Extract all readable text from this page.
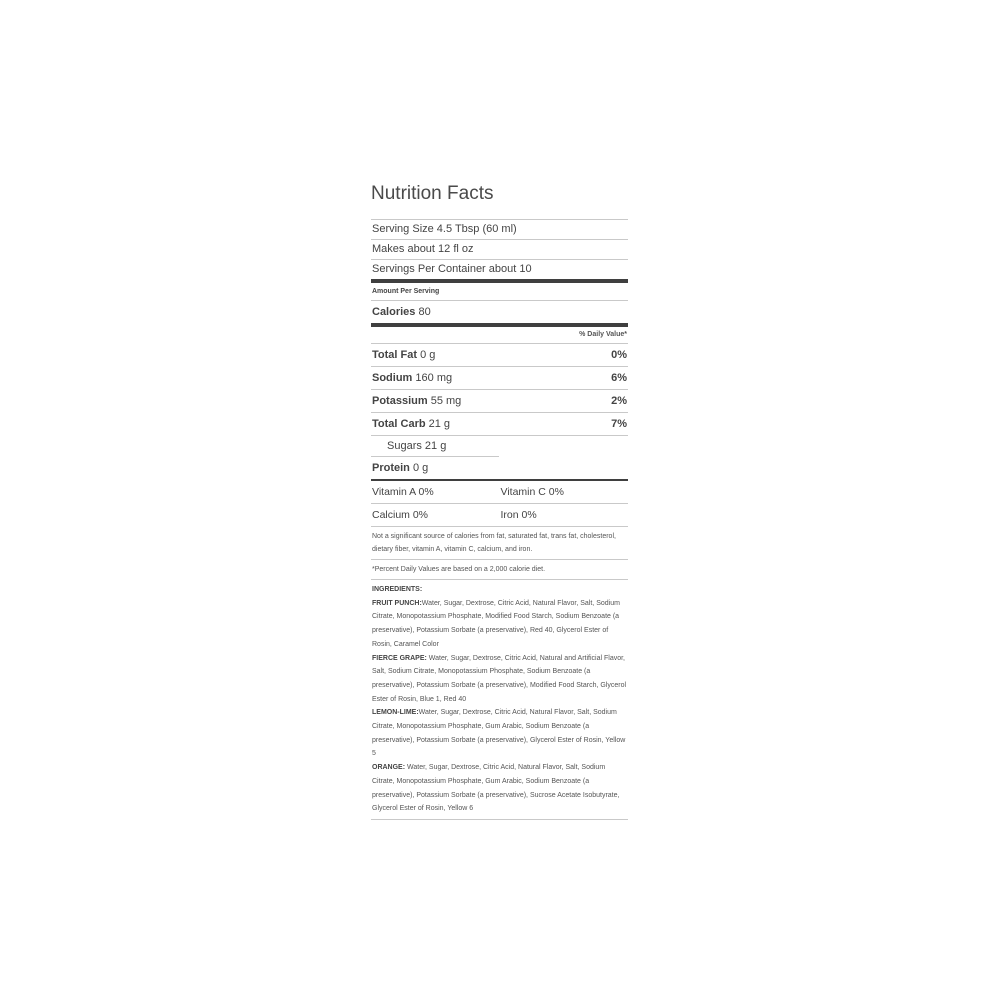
Nutrition Facts
Serving Size 4.5 Tbsp (60 ml)
Makes about 12 fl oz
Servings Per Container about 10
Amount Per Serving
Calories 80
% Daily Value*
Total Fat 0 g	0%
Sodium 160 mg	6%
Potassium 55 mg	2%
Total Carb 21 g	7%
Sugars 21 g
Protein 0 g
Vitamin A 0%	Vitamin C 0%
Calcium 0%	Iron 0%
Not a significant source of calories from fat, saturated fat, trans fat, cholesterol, dietary fiber, vitamin A, vitamin C, calcium, and iron.
*Percent Daily Values are based on a 2,000 calorie diet.
INGREDIENTS:
FRUIT PUNCH:Water, Sugar, Dextrose, Citric Acid, Natural Flavor, Salt, Sodium Citrate, Monopotassium Phosphate, Modified Food Starch, Sodium Benzoate (a preservative), Potassium Sorbate (a preservative), Red 40, Glycerol Ester of Rosin, Caramel Color
FIERCE GRAPE: Water, Sugar, Dextrose, Citric Acid, Natural and Artificial Flavor, Salt, Sodium Citrate, Monopotassium Phosphate, Sodium Benzoate (a preservative), Potassium Sorbate (a preservative), Modified Food Starch, Glycerol Ester of Rosin, Blue 1, Red 40
LEMON-LIME:Water, Sugar, Dextrose, Citric Acid, Natural Flavor, Salt, Sodium Citrate, Monopotassium Phosphate, Gum Arabic, Sodium Benzoate (a preservative), Potassium Sorbate (a preservative), Glycerol Ester of Rosin, Yellow 5
ORANGE: Water, Sugar, Dextrose, Citric Acid, Natural Flavor, Salt, Sodium Citrate, Monopotassium Phosphate, Gum Arabic, Sodium Benzoate (a preservative), Potassium Sorbate (a preservative), Sucrose Acetate Isobutyrate, Glycerol Ester of Rosin, Yellow 6
